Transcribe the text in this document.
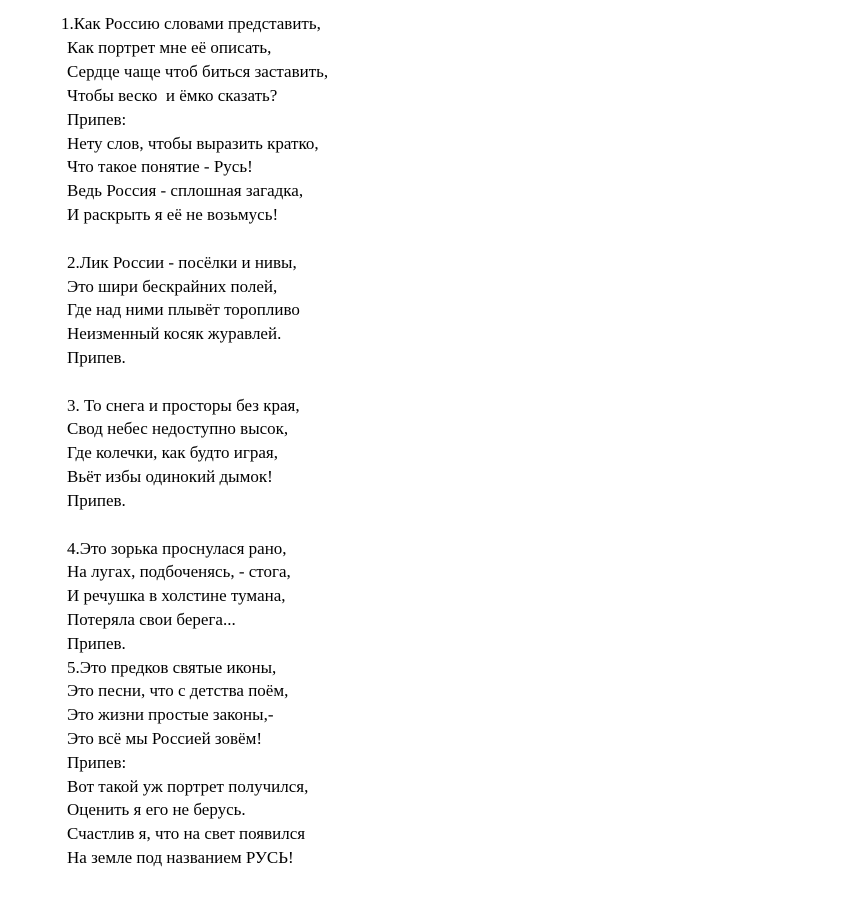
1.Как Россию словами представить,
Как портрет мне её описать,
Сердце чаще чтоб биться заставить,
Чтобы веско  и ёмко сказать?
Припев:
Нету слов, чтобы выразить кратко,
Что такое понятие - Русь!
Ведь Россия - сплошная загадка,
И раскрыть я её не возьмусь!
2.Лик России - посёлки и нивы,
Это шири бескрайних полей,
Где над ними плывёт торопливо
Неизменный косяк журавлей.
Припев.
3. То снега и просторы без края,
Свод небес недоступно высок,
Где колечки, как будто играя,
Вьёт избы одинокий дымок!
Припев.
4.Это зорька проснулася рано,
На лугах, подбоченясь, - стога,
И речушка в холстине тумана,
Потеряла свои берега...
Припев.
5.Это предков святые иконы,
Это песни, что с детства поём,
Это жизни простые законы,-
Это всё мы Россией зовём!
Припев:
Вот такой уж портрет получился,
Оценить я его не берусь.
Счастлив я, что на свет появился
На земле под названием РУСЬ!
